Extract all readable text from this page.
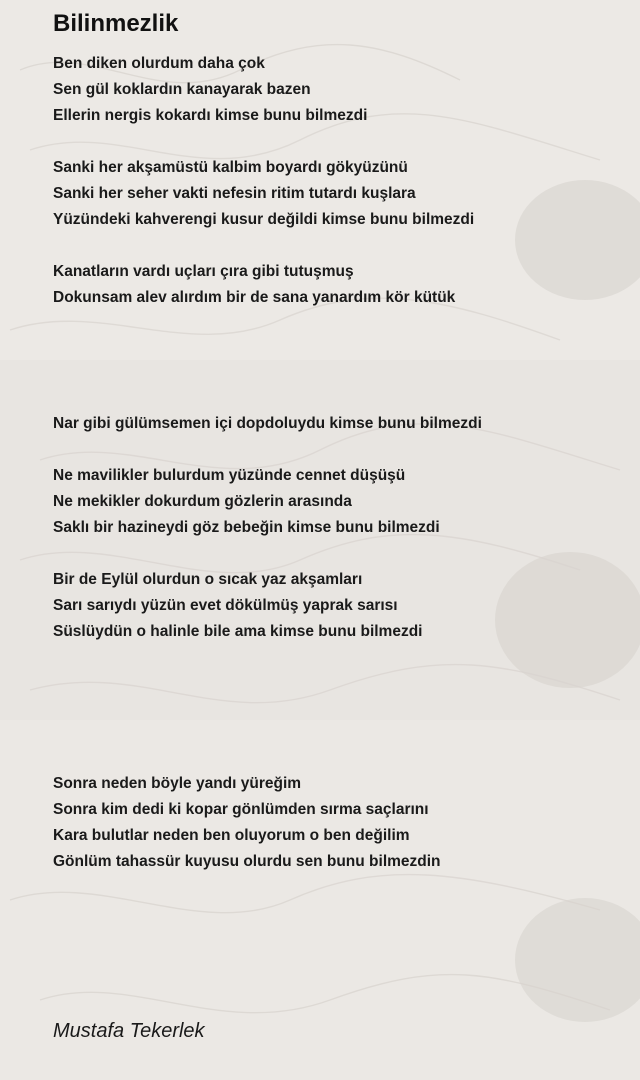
Bilinmezlik
Ben diken olurdum daha çok
Sen gül koklardın kanayarak bazen
Ellerin nergis kokardı kimse bunu bilmezdi
Sanki her akşamüstü kalbim boyardı gökyüzünü
Sanki her seher vakti nefesin ritim tutardı kuşlara
Yüzündeki kahverengi kusur değildi kimse bunu bilmezdi
Kanatların vardı uçları çıra gibi tutuşmuş
Dokunsam alev alırdım bir de sana yanardım kör kütük
Nar gibi gülümsemen içi dopdoluydu kimse bunu bilmezdi
Ne mavilikler bulurdum yüzünde cennet düşüşü
Ne mekikler dokurdum gözlerin arasında
Saklı bir hazineydi göz bebeğin kimse bunu bilmezdi
Bir de Eylül olurdun o sıcak yaz akşamları
Sarı sarıydı yüzün evet dökülmüş yaprak sarısı
Süslüydün o halinle bile ama kimse bunu bilmezdi
Sonra neden böyle yandı yüreğim
Sonra kim dedi ki kopar gönlümden sırma saçlarını
Kara bulutlar neden ben oluyorum o ben değilim
Gönlüm tahassür kuyusu olurdu sen bunu bilmezdin
Mustafa Tekerlek
